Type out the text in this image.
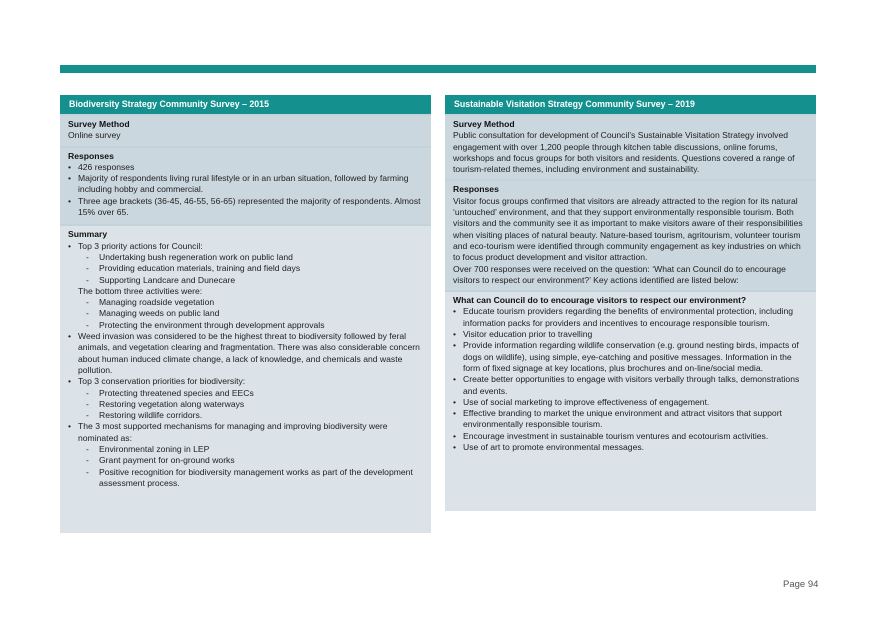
Biodiversity Strategy Community Survey – 2015
Survey Method

Online survey

Responses
• 426 responses
• Majority of respondents living rural lifestyle or in an urban situation, followed by farming including hobby and commercial.
• Three age brackets (36-45, 46-55, 56-65) represented the majority of respondents. Almost 15% over 65.
Summary
• Top 3 priority actions for Council:
- Undertaking bush regeneration work on public land
- Providing education materials, training and field days
- Supporting Landcare and Dunecare
The bottom three activities were:
- Managing roadside vegetation
- Managing weeds on public land
- Protecting the environment through development approvals
• Weed invasion was considered to be the highest threat to biodiversity followed by feral animals, and vegetation clearing and fragmentation. There was also considerable concern about human induced climate change, a lack of knowledge, and chemicals and waste pollution.
• Top 3 conservation priorities for biodiversity:
- Protecting threatened species and EECs
- Restoring vegetation along waterways
- Restoring wildlife corridors.
• The 3 most supported mechanisms for managing and improving biodiversity were nominated as:
- Environmental zoning in LEP
- Grant payment for on-ground works
- Positive recognition for biodiversity management works as part of the development assessment process.
Sustainable Visitation Strategy Community Survey – 2019
Survey Method

Public consultation for development of Council’s Sustainable Visitation Strategy involved engagement with over 1,200 people through kitchen table discussions, online forums, workshops and focus groups for both visitors and residents. Questions covered a range of tourism-related themes, including environment and sustainability.

Responses

Visitor focus groups confirmed that visitors are already attracted to the region for its natural ‘untouched’ environment, and that they support environmentally responsible tourism. Both visitors and the community see it as important to make visitors aware of their responsibilities when visiting places of natural beauty. Nature-based tourism, agritourism, volunteer tourism and eco-tourism were identified through community engagement as key industries on which to focus product development and visitor attraction.

Over 700 responses were received on the question: ‘What can Council do to encourage visitors to respect our environment?’ Key actions identified are listed below:

What can Council do to encourage visitors to respect our environment?
• Educate tourism providers regarding the benefits of environmental protection, including information packs for providers and incentives to encourage responsible tourism.
• Visitor education prior to travelling
• Provide information regarding wildlife conservation (e.g. ground nesting birds, impacts of dogs on wildlife), using simple, eye-catching and positive messages. Information in the form of fixed signage at key locations, plus brochures and on-line/social media.
• Create better opportunities to engage with visitors verbally through talks, demonstrations and events.
• Use of social marketing to improve effectiveness of engagement.
• Effective branding to market the unique environment and attract visitors that support environmentally responsible tourism.
• Encourage investment in sustainable tourism ventures and ecotourism activities.
• Use of art to promote environmental messages.
Page 94
